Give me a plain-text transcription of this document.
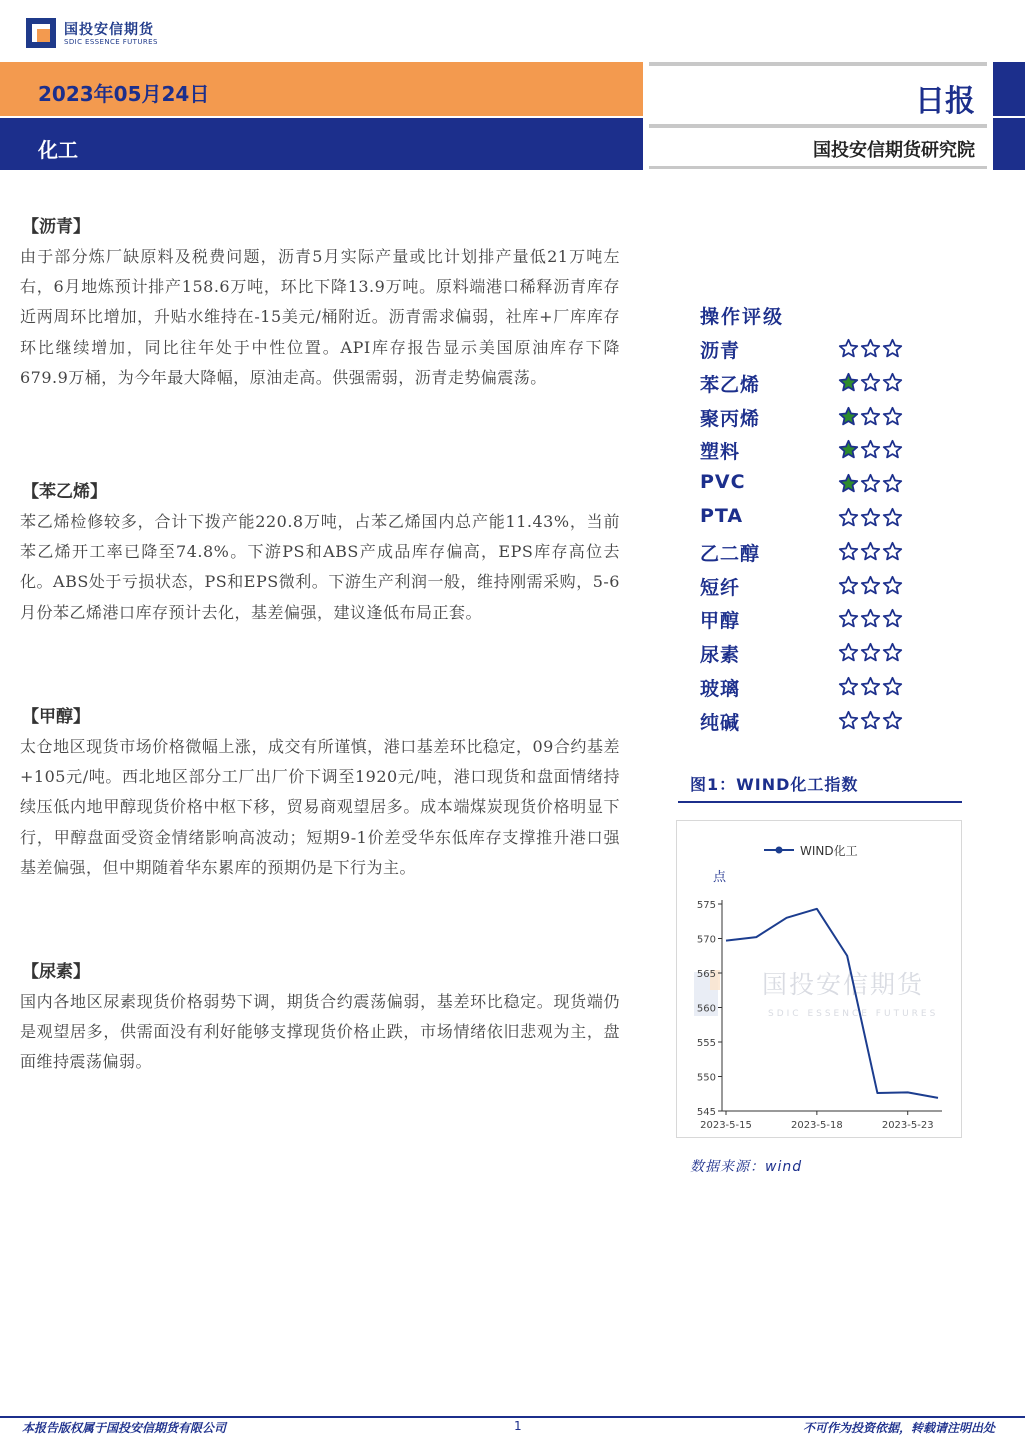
国投安信期货
SDIC ESSENCE FUTURES
2023年05月24日
化工
日报
国投安信期货研究院
【沥青】
由于部分炼厂缺原料及税费问题，沥青5月实际产量或比计划排产量低21万吨左右，6月地炼预计排产158.6万吨，环比下降13.9万吨。原料端港口稀释沥青库存近两周环比增加，升贴水维持在-15美元/桶附近。沥青需求偏弱，社库+厂库库存环比继续增加，同比往年处于中性位置。API库存报告显示美国原油库存下降679.9万桶，为今年最大降幅，原油走高。供强需弱，沥青走势偏震荡。
【苯乙烯】
苯乙烯检修较多，合计下拨产能220.8万吨，占苯乙烯国内总产能11.43%，当前苯乙烯开工率已降至74.8%。下游PS和ABS产成品库存偏高，EPS库存高位去化。ABS处于亏损状态，PS和EPS微利。下游生产利润一般，维持刚需采购，5-6月份苯乙烯港口库存预计去化，基差偏强，建议逢低布局正套。
【甲醇】
太仓地区现货市场价格微幅上涨，成交有所谨慎，港口基差环比稳定，09合约基差+105元/吨。西北地区部分工厂出厂价下调至1920元/吨，港口现货和盘面情绪持续压低内地甲醇现货价格中枢下移，贸易商观望居多。成本端煤炭现货价格明显下行，甲醇盘面受资金情绪影响高波动；短期9-1价差受华东低库存支撑推升港口强基差偏强，但中期随着华东累库的预期仍是下行为主。
【尿素】
国内各地区尿素现货价格弱势下调，期货合约震荡偏弱，基差环比稳定。现货端仍是观望居多，供需面没有利好能够支撑现货价格止跌，市场情绪依旧悲观为主，盘面维持震荡偏弱。
操作评级
沥青
苯乙烯
聚丙烯
塑料
PVC
PTA
乙二醇
短纤
甲醇
尿素
玻璃
纯碱
图1：WIND化工指数
国投安信期货
SDIC ESSENCE FUTURES
WIND化工
点
545
550
555
560
565
570
575
2023-5-15	2023-5-18	2023-5-23
数据来源：wind
本报告版权属于国投安信期货有限公司	1	不可作为投资依据，转载请注明出处
